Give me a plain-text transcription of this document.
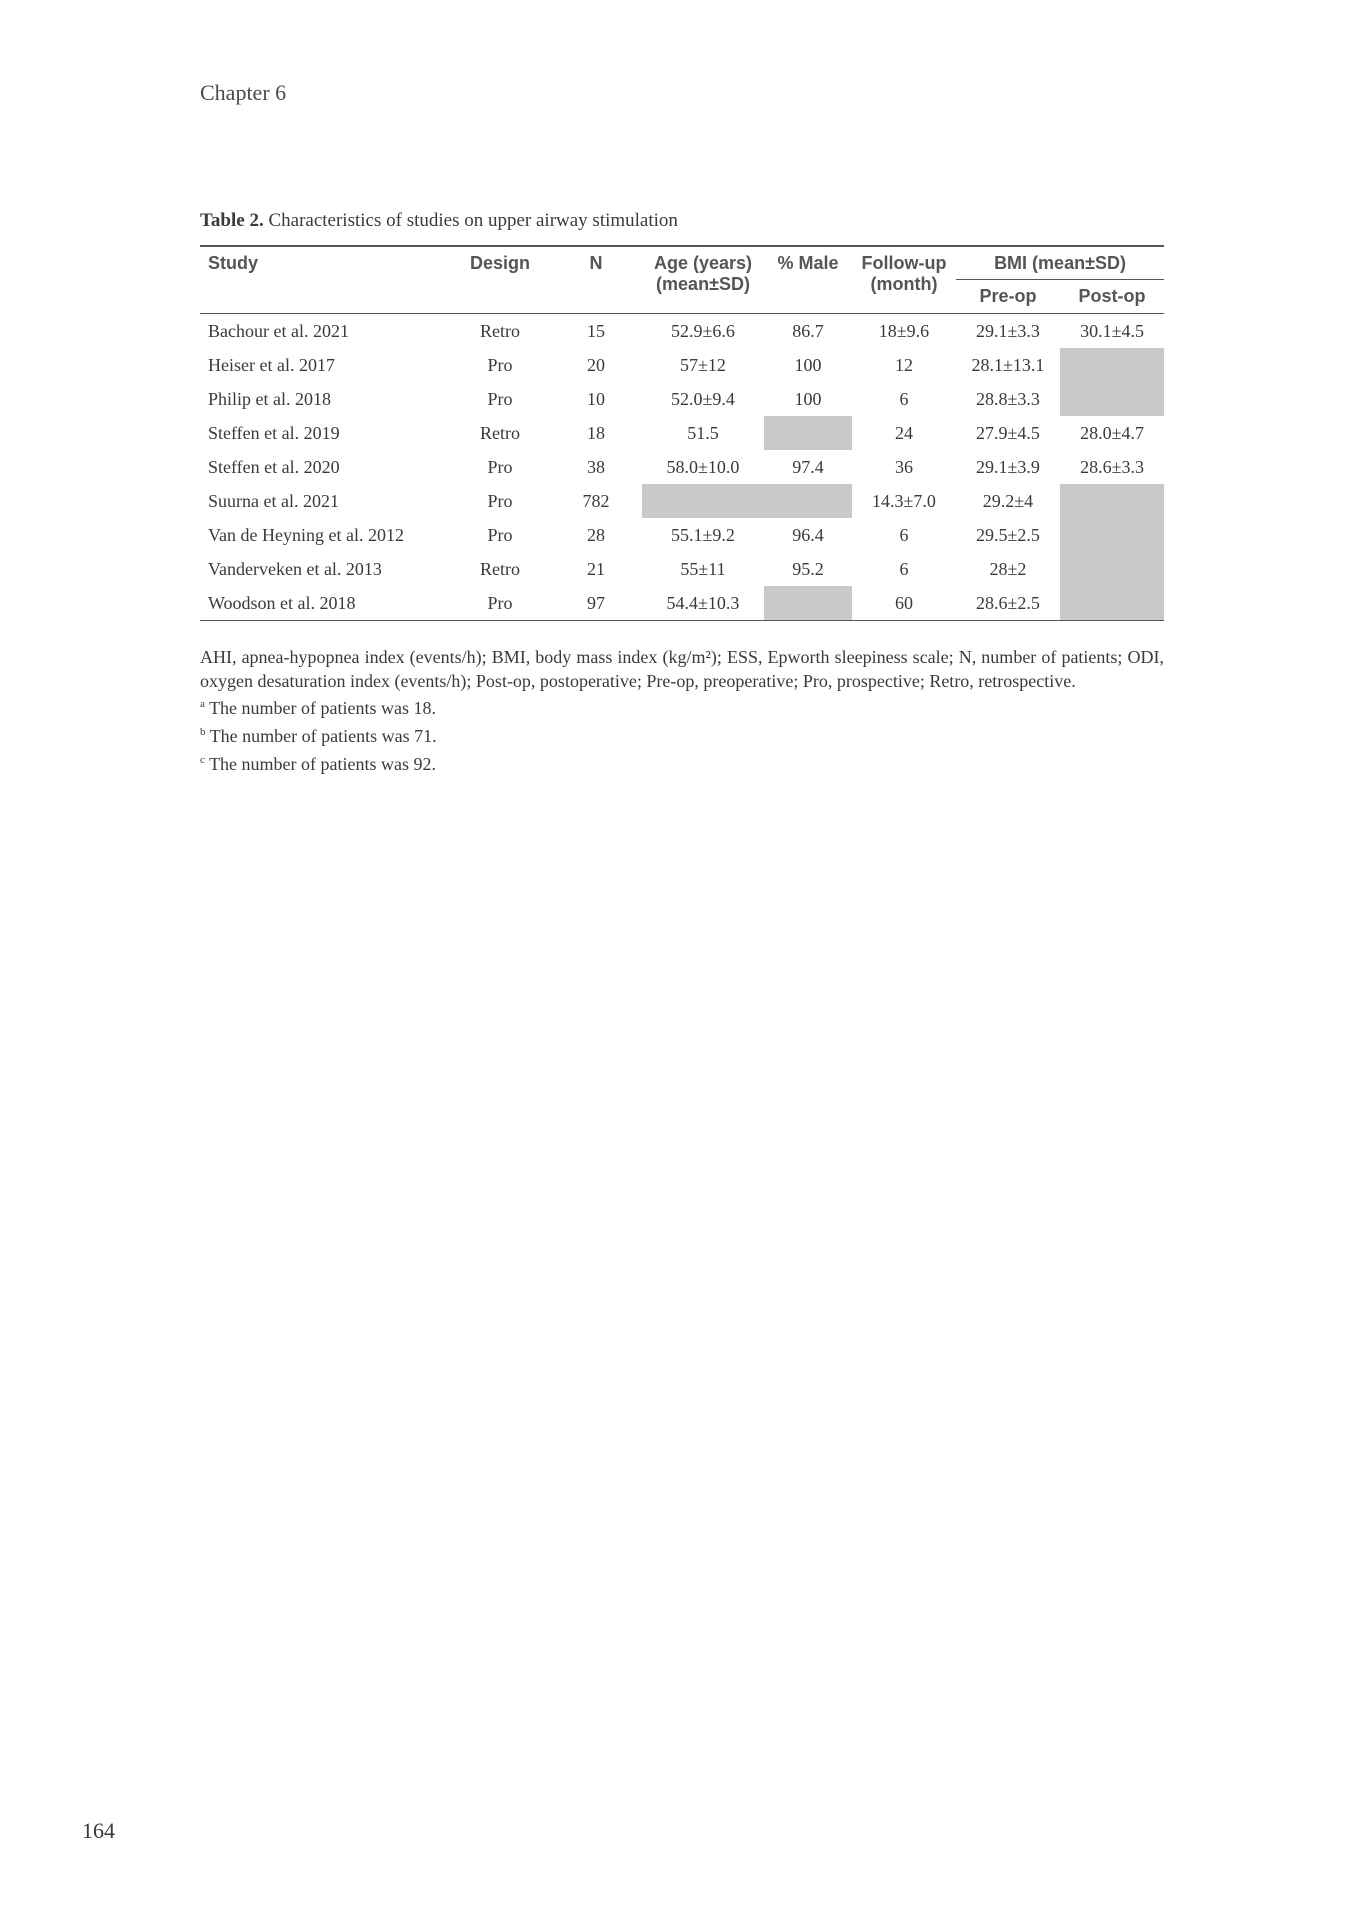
Chapter 6
Table 2. Characteristics of studies on upper airway stimulation
Study	Design	N	Age (years) (mean±SD)	% Male	Follow-up (month)	BMI (mean±SD)	
						Pre-op	Post-op
Bachour et al. 2021	Retro	15	52.9±6.6	86.7	18±9.6	29.1±3.3	30.1±4.5
Heiser et al. 2017	Pro	20	57±12	100	12	28.1±13.1	
Philip et al. 2018	Pro	10	52.0±9.4	100	6	28.8±3.3	
Steffen et al. 2019	Retro	18	51.5		24	27.9±4.5	28.0±4.7
Steffen et al. 2020	Pro	38	58.0±10.0	97.4	36	29.1±3.9	28.6±3.3
Suurna et al. 2021	Pro	782			14.3±7.0	29.2±4	
Van de Heyning et al. 2012	Pro	28	55.1±9.2	96.4	6	29.5±2.5	
Vanderveken et al. 2013	Retro	21	55±11	95.2	6	28±2	
Woodson et al. 2018	Pro	97	54.4±10.3		60	28.6±2.5	

AHI, apnea-hypopnea index (events/h); BMI, body mass index (kg/m²); ESS, Epworth sleepiness scale; N, number of patients; ODI, oxygen desaturation index (events/h); Post-op, postoperative; Pre-op, preoperative; Pro, prospective; Retro, retrospective.

$^a$ The number of patients was 18.

$^b$ The number of patients was 71.

$^c$ The number of patients was 92.

164
